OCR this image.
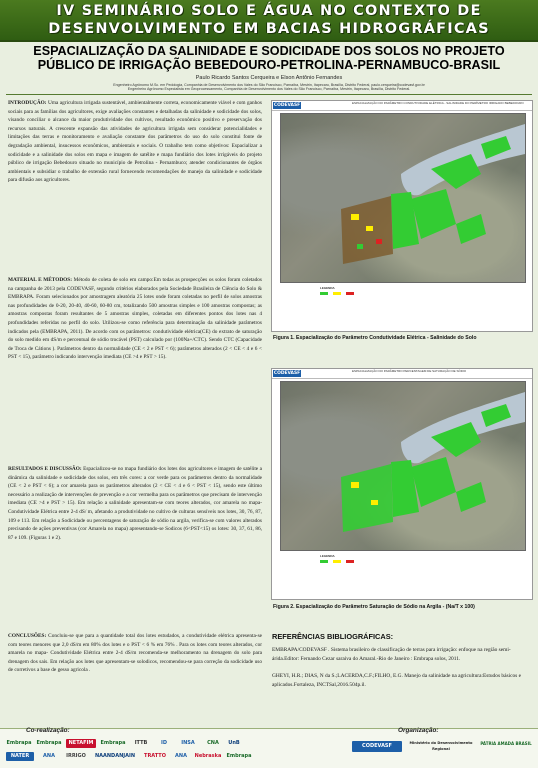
IV SEMINÁRIO SOLO E ÁGUA NO CONTEXTO DE
DESENVOLVIMENTO EM BACIAS HIDROGRÁFICAS
ESPACIALIZAÇÃO DA SALINIDADE E SODICIDADE DOS SOLOS NO PROJETO
PÚBLICO DE IRRIGAÇÃO BEBEDOURO-PETROLINA-PERNAMBUCO-BRASIL
Paulo Ricardo Santos Cerqueira e Elson Antônio Fernandes
Engenheiro Agrônomo M.Sc. em Pedologia, Companhia de Desenvolvimento dos Vales do São Francisco, Parnaíba, Mestrin, Itapecaru, Brasília, Distrito Federal, paulo.cerqueira@codevasf.gov.br
Engenheiro Agrônomo Especialista em Geoprocessamento, Companhia de Desenvolvimento dos Vales do São Francisco, Parnaíba, Mestrin, Itapecaru, Brasília, Distrito Federal.
INTRODUÇÃO: Uma agricultura irrigada sustentável, ambientalmente correta, economicamente viável e com ganhos sociais para as famílias dos agricultores, exige avaliações constantes e detalhadas da salinidade e sodicidade dos solos, visando conciliar o alcance da maior produtividade dos cultivos, resultado econômico positivo e preservação dos recursos naturais. A crescente expansão das atividades de agricultura irrigada sem considerar potencialidades e limitações das terras e monitoramento e avaliação constante dos parâmetros do uso do solo constitui fonte de degradação ambiental, insucessos econômicos, ambientais e sociais. O trabalho tem como objetivos: Espacializar a sodicidade e a salinidade dos solos em mapa e imagem de satélite e mapa fundiário dos lotes irrigáveis do projeto público de irrigação Bebedouro situado no município de Petrolina - Pernambuco; atender condicionantes de órgãos ambientais e subsidiar o trabalho de extensão rural fornecendo recomendações de manejo da salinidade e sodicidade para difusão aos agricultores.
MATERIAL E MÉTODOS: Método de coleta de solo em campo:Em todas as prospecções os solos foram coletados na campanha de 2013 pela CODEVASF, segundo critérios elaborados pela Sociedade Brasileira de Ciência do Solo & EMBRAPA. Foram selecionados por amostragem aleatória 25 lotes onde foram coletadas no perfil de solos amostras nas profundidades de 0-20, 20-40, 40-60, 60-80 cm, totalizando 500 amostras simples e 100 amostras compostas; as amostras compostas foram resultantes de 5 amostras simples, coletadas em diferentes pontos dos lotes nas 4 profundidades referidas no perfil do solo. Utilizou-se como referência para determinação da salinidade parâmetros indicados pela (EMBRAPA, 2011). De acordo com os parâmetros: condutividade elétrica(CE) do extrato de saturação do solo medido em dS/m e percentual de sódio trocável (PST) calculado por (100Na+/CTC). Sendo CTC (Capacidade de Troca de Cátions ). Parâmetros dentro da normalidade (CE < 2 e PST < 6); parâmetros alterados (2 < CE < 4 e 6 < PST < 15), parâmetro indicando intervenção imediata (CE >4 e PST > 15).
RESULTADOS E DISCUSSÃO: Espacializou-se no mapa fundiário dos lotes dos agricultores e imagem de satélite a dinâmica da salinidade e sodicidade dos solos, em três cores: a cor verde para os parâmetros dentro da normalidade (CE < 2 e PST < 6); a cor amarela para os parâmetros alterados (2 < CE < 4 e 6 < PST < 15), sendo este último necessário a realização de intervenções de prevenção e a cor vermelha para os parâmetros que precisam de intervenção imediata (CE >4 e PST > 15). Em relação a salinidade apresentam-se com teores alterados, cor amarela no mapa- Condutividade Elétrica entre 2-4 dS/ m, afetando a produtividade no cultivo de culturas sensíveis nos lotes, 30, 76, 87, 109 e 113. Em relação a Sodicidade ou percentagens de saturação de sódio na argila, verifica-se com valores alterados precisando de ações preventivas (cor Amarela no mapa) apresentando-se Sodicos (6<PST<15) os lotes: 30, 37, 61, 86, 87 e 109. (Figuras 1 e 2).
CONCLUSÕES: Concluiu-se que para a quantidade total dos lotes estudados, a condutividade elétrica apresenta-se com teores menores que 2,0 dS/m em 80% dos lotes e o PST < 6 % em 76% . Para os lotes com teores alterados, cor amarela no mapa- Condutividade Elétrica entre 2-4 dS/m recomenda-se melhoramento na drenagem do solo para drenagem dos sais. Em relação aos lotes que apresentam-se solodicos, recomendou-se para correção da sodicidade uso de corretivos a base de gesso agricola .
CODEVASF	ESPACIALIZAÇÃO DO PARÂMETRO CONDUTIVIDADE ELÉTRICA - SALINIDADE DO PERÍMETRO IRRIGADO BEBEDOURO
LEGENDA

Figura 1. Espacialização do Parâmetro Condutividade Elétrica - Salinidade do Solo
CODEVASF	ESPACIALIZAÇÃO DO PARÂMETRO PERCENTAGEM DE SATURAÇÃO DE SÓDIO
LEGENDA

Figura 2. Espacialização do Parâmetro Saturação de Sódio na Argila - (Na/T x 100)
REFERÊNCIAS BIBLIOGRÁFICAS:

EMBRAPA/CODEVASF . Sistema brasileiro de classificação de terras para irrigação: enfoque na região semi-árida.Editor: Fernando Cezar saraiva do Amaral.-Rio de Janeiro : Embrapa solos, 2011.

GHEYI, H.R.; DIAS, N da S.;LACERDA,C.F.;FILHO, E.G. Manejo da salinidade na agricultura:Estudos básicos e aplicados.Fortaleza, INCTSal,2016.504p.il.

Co-realização:	Organização:
Embrapa Embrapa	NETAFIM	Embrapa	ITTB	ID	INSA	CNA	UnB
NATER	ANA	IRRIGO	NAANDANJAIN	TRATTO	ANA	Nebraska Embrapa
CODEVASF	Ministério do Desenvolvimento Regional
PÁTRIA AMADA BRASIL
